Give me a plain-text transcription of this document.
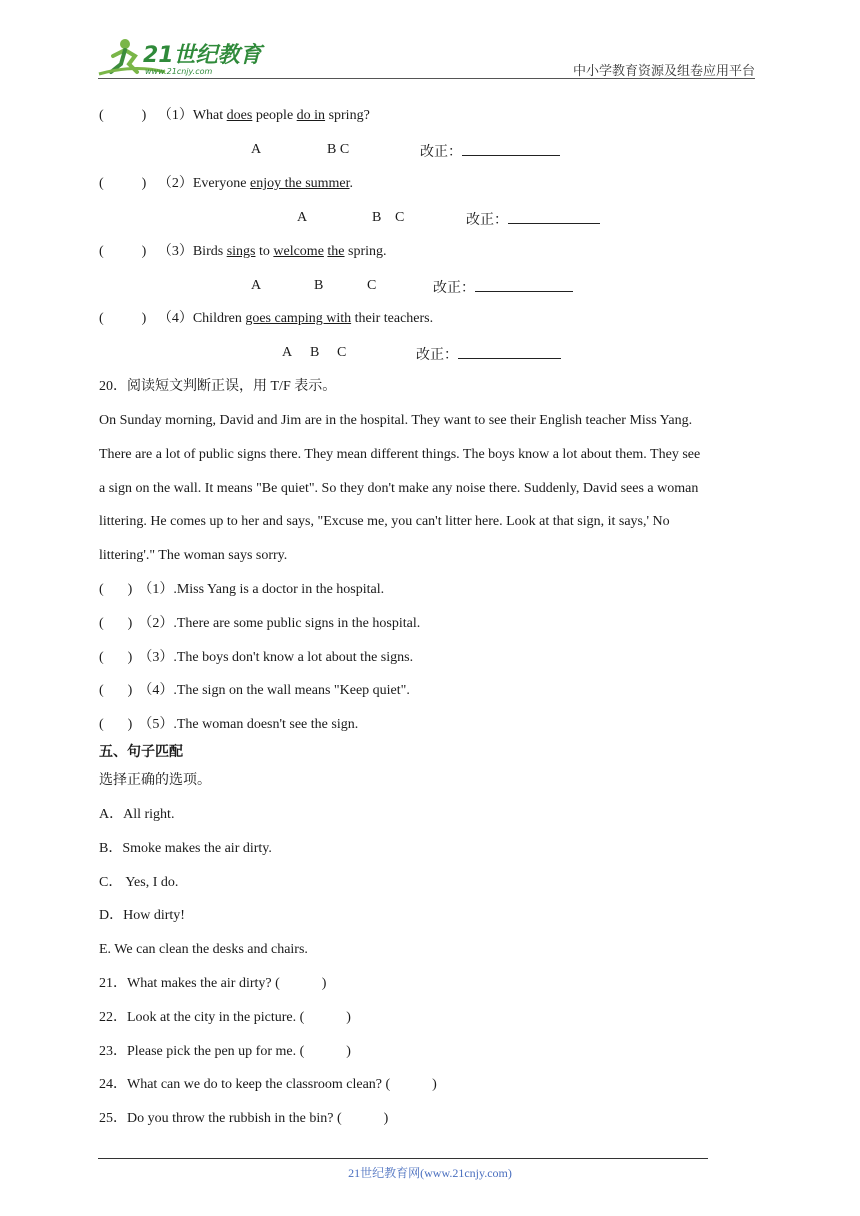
21世纪教育
www.21cnjy.com	中小学教育资源及组卷应用平台
(	) （1）What does people do in spring?
A	B C	改正：
(	) （2）Everyone enjoy the summer.
A	B C	改正：
(	) （3）Birds sings to welcome the spring.
A	B	C	改正：
(	) （4）Children goes camping with their teachers.
A B C	改正：
20．阅读短文判断正误，用 T/F 表示。
On Sunday morning, David and Jim are in the hospital. They want to see their English teacher Miss Yang.
There are a lot of public signs there. They mean different things. The boys know a lot about them. They see
a sign on the wall. It means "Be quiet". So they don't make any noise there. Suddenly, David sees a woman
littering. He comes up to her and says, "Excuse me, you can't litter here. Look at that sign, it says,' No
littering'." The woman says sorry.
( ) （1）.Miss Yang is a doctor in the hospital.
( ) （2）.There are some public signs in the hospital.
( ) （3）.The boys don't know a lot about the signs.
( ) （4）.The sign on the wall means "Keep quiet".
( ) （5）.The woman doesn't see the sign.
五、句子匹配
选择正确的选项。
A．All right.
B．Smoke makes the air dirty.
C． Yes, I do.
D．How dirty!
E. We can clean the desks and chairs.
21．What makes the air dirty? (	)
22．Look at the city in the picture. (	)
23．Please pick the pen up for me. (	)
24．What can we do to keep the classroom clean? (	)
25．Do you throw the rubbish in the bin? (	)
21世纪教育网(www.21cnjy.com)
